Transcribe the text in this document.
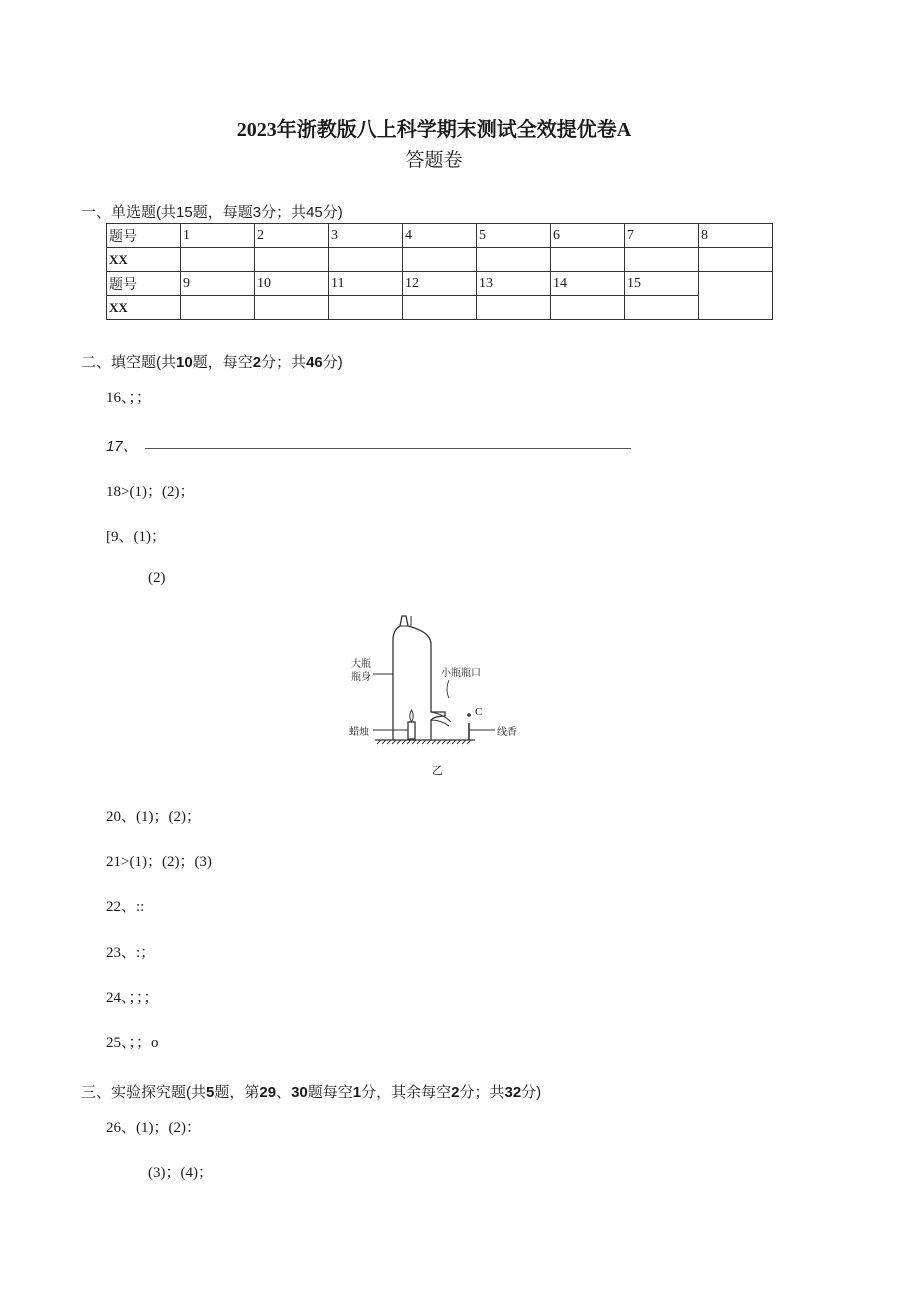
2023年浙教版八上科学期末测试全效提优卷A
答题卷
一、单选题(共15题，每题3分；共45分)
题号	1	2	3	4	5	6	7	8
XX								
题号	9	10	11	12	13	14	15	
XX								
二、填空题(共10题，每空2分；共46分)
16、；；
17、
18>(1)；(2)；
[9、(1)；
(2)
大瓶
瓶身	小瓶瓶口
蜡烛
C
线香
乙
20、(1)；(2)；
21>(1)；(2)；(3)
22、::
23、:；
24、；；；
25、；；o
三、实验探究题(共5题，第29、30题每空1分，其余每空2分；共32分)
26、(1)；(2)：
(3)；(4)；
